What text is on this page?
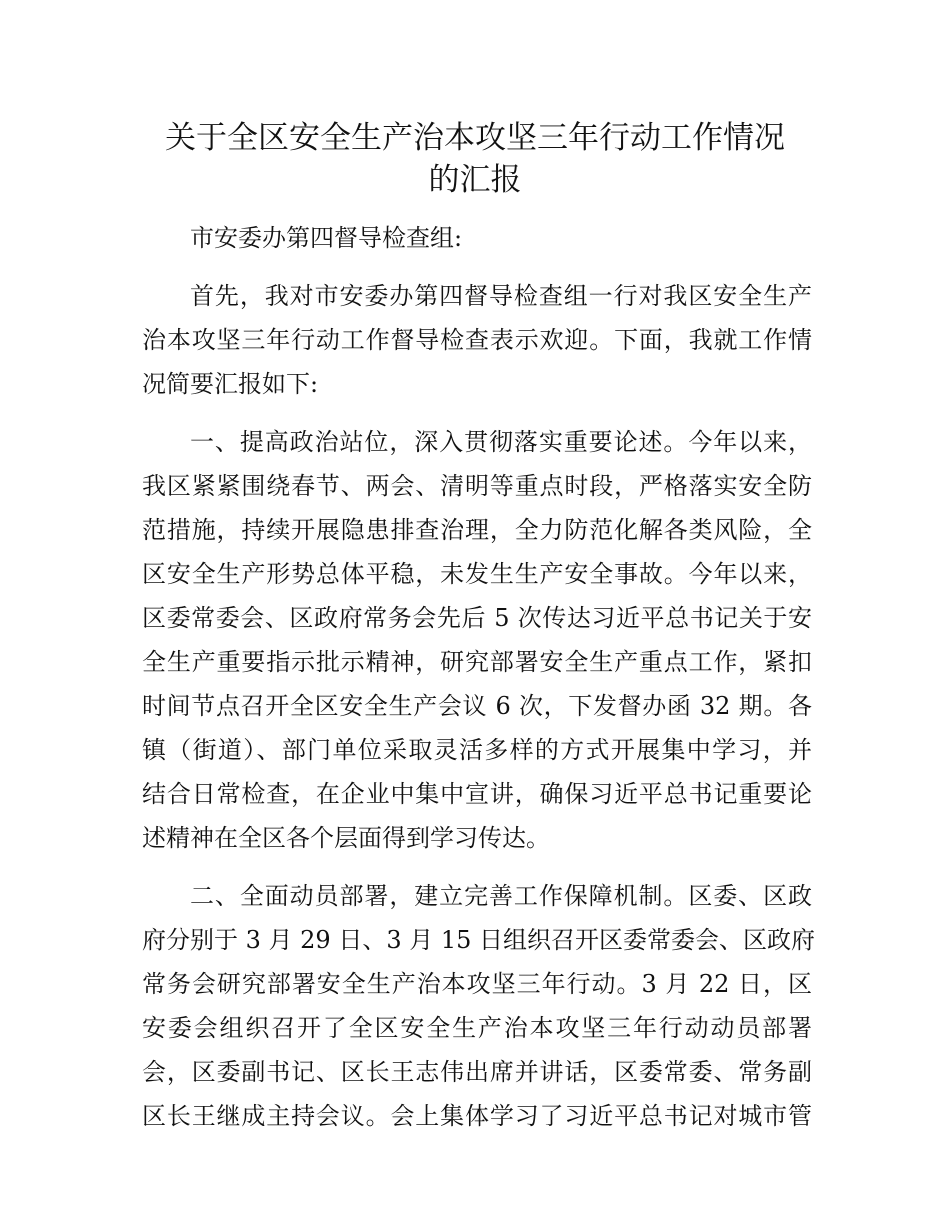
关于全区安全生产治本攻坚三年行动工作情况
的汇报
市安委办第四督导检查组:
首先，我对市安委办第四督导检查组一行对我区安全生产
治本攻坚三年行动工作督导检查表示欢迎。下面，我就工作情
况简要汇报如下:
一、提高政治站位，深入贯彻落实重要论述。今年以来，
我区紧紧围绕春节、两会、清明等重点时段，严格落实安全防
范措施，持续开展隐患排查治理，全力防范化解各类风险，全
区安全生产形势总体平稳，未发生生产安全事故。今年以来，
区委常委会、区政府常务会先后 5 次传达习近平总书记关于安
全生产重要指示批示精神，研究部署安全生产重点工作，紧扣
时间节点召开全区安全生产会议 6 次，下发督办函 32 期。各
镇（街道）、部门单位采取灵活多样的方式开展集中学习，并
结合日常检查，在企业中集中宣讲，确保习近平总书记重要论
述精神在全区各个层面得到学习传达。
二、全面动员部署，建立完善工作保障机制。区委、区政
府分别于 3 月 29 日、3 月 15 日组织召开区委常委会、区政府
常务会研究部署安全生产治本攻坚三年行动。3 月 22 日，区
安委会组织召开了全区安全生产治本攻坚三年行动动员部署
会，区委副书记、区长王志伟出席并讲话，区委常委、常务副
区长王继成主持会议。会上集体学习了习近平总书记对城市管
